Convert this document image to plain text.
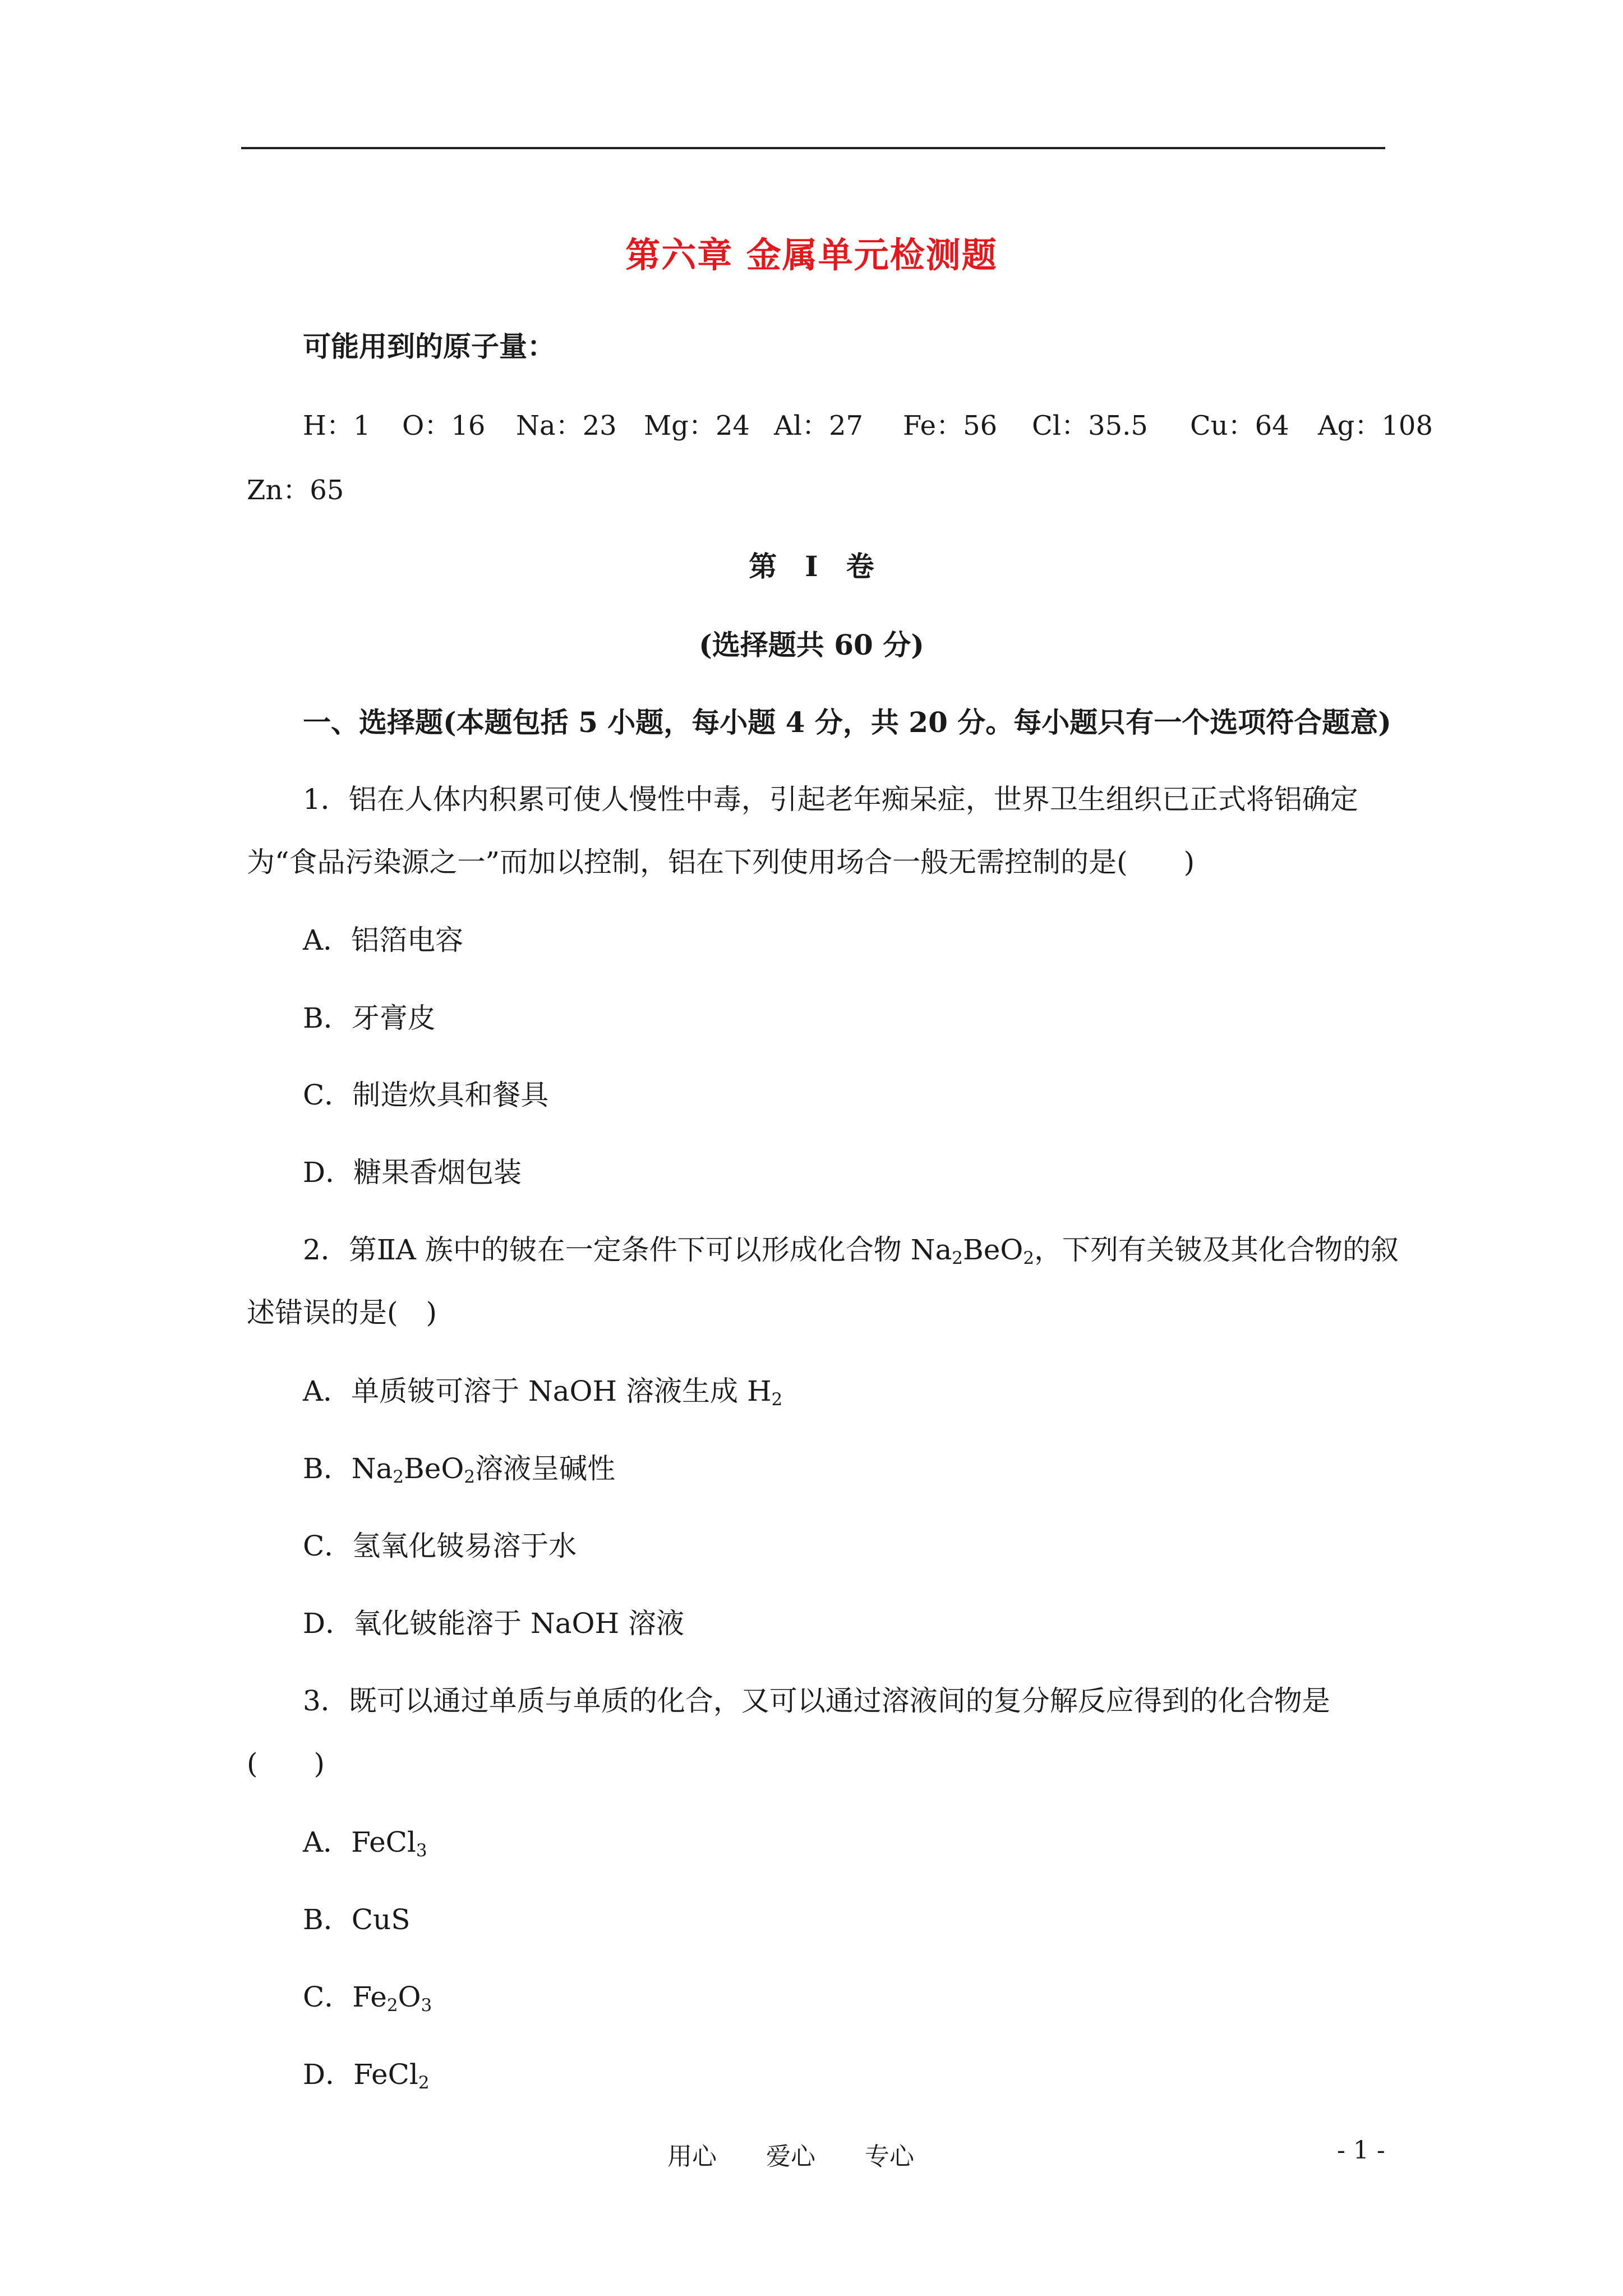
第六章 金属单元检测题
可能用到的原子量：
H：1 O：16 Na：23 Mg：24 Al：27 Fe：56 Cl：35.5 Cu：64 Ag：108
Zn：65
第　I　卷
(选择题共 60 分)
一、选择题(本题包括 5 小题，每小题 4 分，共 20 分。每小题只有一个选项符合题意)
1．铝在人体内积累可使人慢性中毒，引起老年痴呆症，世界卫生组织已正式将铝确定
为“食品污染源之一”而加以控制，铝在下列使用场合一般无需控制的是(　　)
A．铝箔电容
B．牙膏皮
C．制造炊具和餐具
D．糖果香烟包装
2．第ⅡA 族中的铍在一定条件下可以形成化合物 $Na_2BeO_2$，下列有关铍及其化合物的叙
述错误的是(　)
A．单质铍可溶于 NaOH 溶液生成 $H_2$
B．$Na_2BeO_2$溶液呈碱性
C．氢氧化铍易溶于水
D．氧化铍能溶于 NaOH 溶液
3．既可以通过单质与单质的化合，又可以通过溶液间的复分解反应得到的化合物是
(　　)
A．FeCl$_3$
B．CuS
C．$Fe_2O_3$
D．FeCl$_2$
用心　　爱心　　专心	- 1 -
